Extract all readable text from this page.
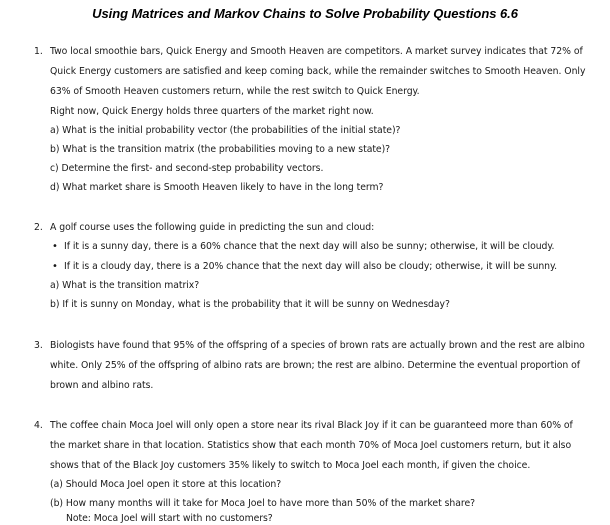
Using Matrices and Markov Chains to Solve Probability Questions 6.6
1. Two local smoothie bars, Quick Energy and Smooth Heaven are competitors. A market survey indicates that 72% of
Quick Energy customers are satisfied and keep coming back, while the remainder switches to Smooth Heaven. Only
63% of Smooth Heaven customers return, while the rest switch to Quick Energy.
Right now, Quick Energy holds three quarters of the market right now.
a) What is the initial probability vector (the probabilities of the initial state)?
b) What is the transition matrix (the probabilities moving to a new state)?
c) Determine the first- and second-step probability vectors.
d) What market share is Smooth Heaven likely to have in the long term?
2. A golf course uses the following guide in predicting the sun and cloud:
• If it is a sunny day, there is a 60% chance that the next day will also be sunny; otherwise, it will be cloudy.
• If it is a cloudy day, there is a 20% chance that the next day will also be cloudy; otherwise, it will be sunny.
a) What is the transition matrix?
b) If it is sunny on Monday, what is the probability that it will be sunny on Wednesday?
3. Biologists have found that 95% of the offspring of a species of brown rats are actually brown and the rest are albino
white. Only 25% of the offspring of albino rats are brown; the rest are albino. Determine the eventual proportion of
brown and albino rats.
4. The coffee chain Moca Joel will only open a store near its rival Black Joy if it can be guaranteed more than 60% of
the market share in that location. Statistics show that each month 70% of Moca Joel customers return, but it also
shows that of the Black Joy customers 35% likely to switch to Moca Joel each month, if given the choice.
(a) Should Moca Joel open it store at this location?
(b) How many months will it take for Moca Joel to have more than 50% of the market share?
Note: Moca Joel will start with no customers?
